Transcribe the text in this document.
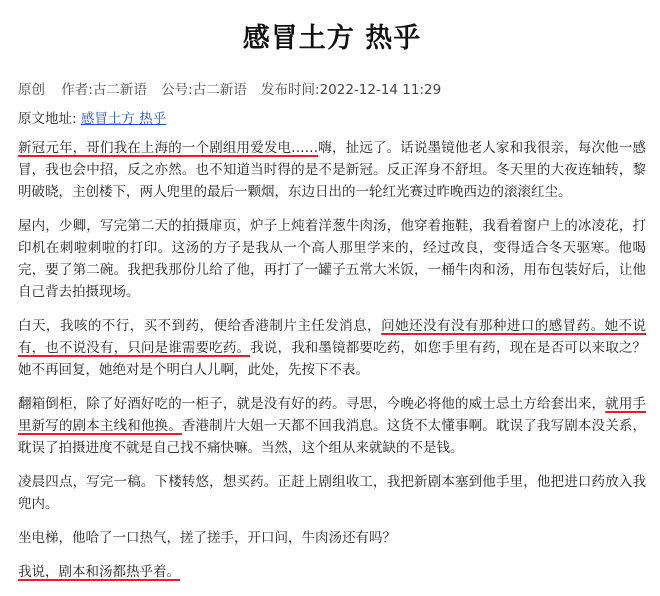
感冒土方 热乎
原创 作者:古二新语 公号:古二新语 发布时间:2022-12-14 11:29
原文地址: 感冒土方 热乎

新冠元年，哥们我在上海的一个剧组用爱发电……嗨，扯远了。话说墨镜他老人家和我很亲，每次他一感冒，我也会中招，反之亦然。也不知道当时得的是不是新冠。反正浑身不舒坦。冬天里的大夜连轴转，黎明破晓，主创楼下，两人兜里的最后一颗烟，东边日出的一轮红光赛过昨晚西边的滚滚红尘。

屋内，少卿，写完第二天的拍摄扉页，炉子上炖着洋葱牛肉汤，他穿着拖鞋，我看着窗户上的冰凌花，打印机在刺啦刺啦的打印。这汤的方子是我从一个高人那里学来的，经过改良，变得适合冬天驱寒。他喝完，要了第二碗。我把我那份儿给了他，再打了一罐子五常大米饭，一桶牛肉和汤，用布包装好后，让他自己背去拍摄现场。

白天，我咳的不行，买不到药，便给香港制片主任发消息，问她还没有没有那种进口的感冒药。她不说有，也不说没有，只问是谁需要吃药。我说，我和墨镜都要吃药，如您手里有药，现在是否可以来取之？ 她不再回复，她绝对是个明白人儿啊，此处，先按下不表。

翻箱倒柜，除了好酒好吃的一柜子，就是没有好的药。寻思，今晚必将他的威士忌土方给套出来，就用手里新写的剧本主线和他换。香港制片大姐一天都不回我消息。这货不太懂事啊。耽误了我写剧本没关系，耽误了拍摄进度不就是自己找不痛快嘛。当然，这个组从来就缺的不是钱。

凌晨四点，写完一稿。下楼转悠，想买药。正赶上剧组收工，我把新剧本塞到他手里，他把进口药放入我兜内。

坐电梯，他哈了一口热气，搓了搓手，开口问，牛肉汤还有吗？

我说，剧本和汤都热乎着。
